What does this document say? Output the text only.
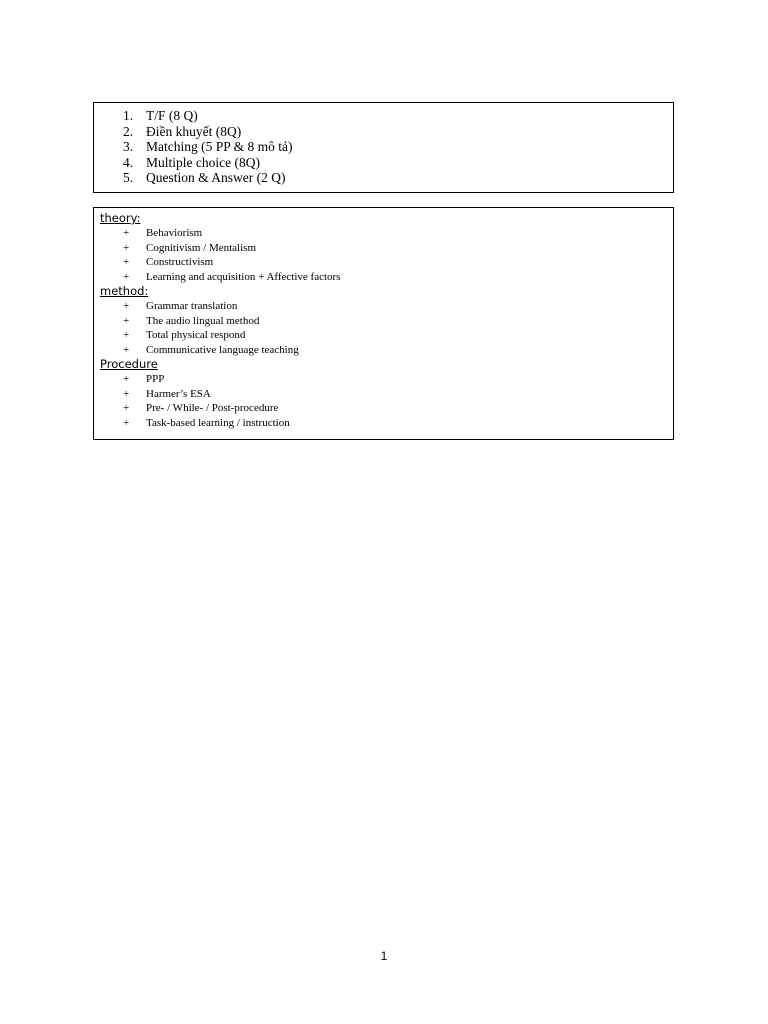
1. T/F (8 Q)
2. Điền khuyết (8Q)
3. Matching (5 PP & 8 mô tả)
4. Multiple choice (8Q)
5. Question & Answer (2 Q)
theory:
+ Behaviorism
+ Cognitivism / Mentalism
+ Constructivism
+ Learning and acquisition + Affective factors
method:
+ Grammar translation
+ The audio lingual method
+ Total physical respond
+ Communicative language teaching
Procedure
+ PPP
+ Harmer’s ESA
+ Pre- / While- / Post-procedure
+ Task-based learning / instruction
1
